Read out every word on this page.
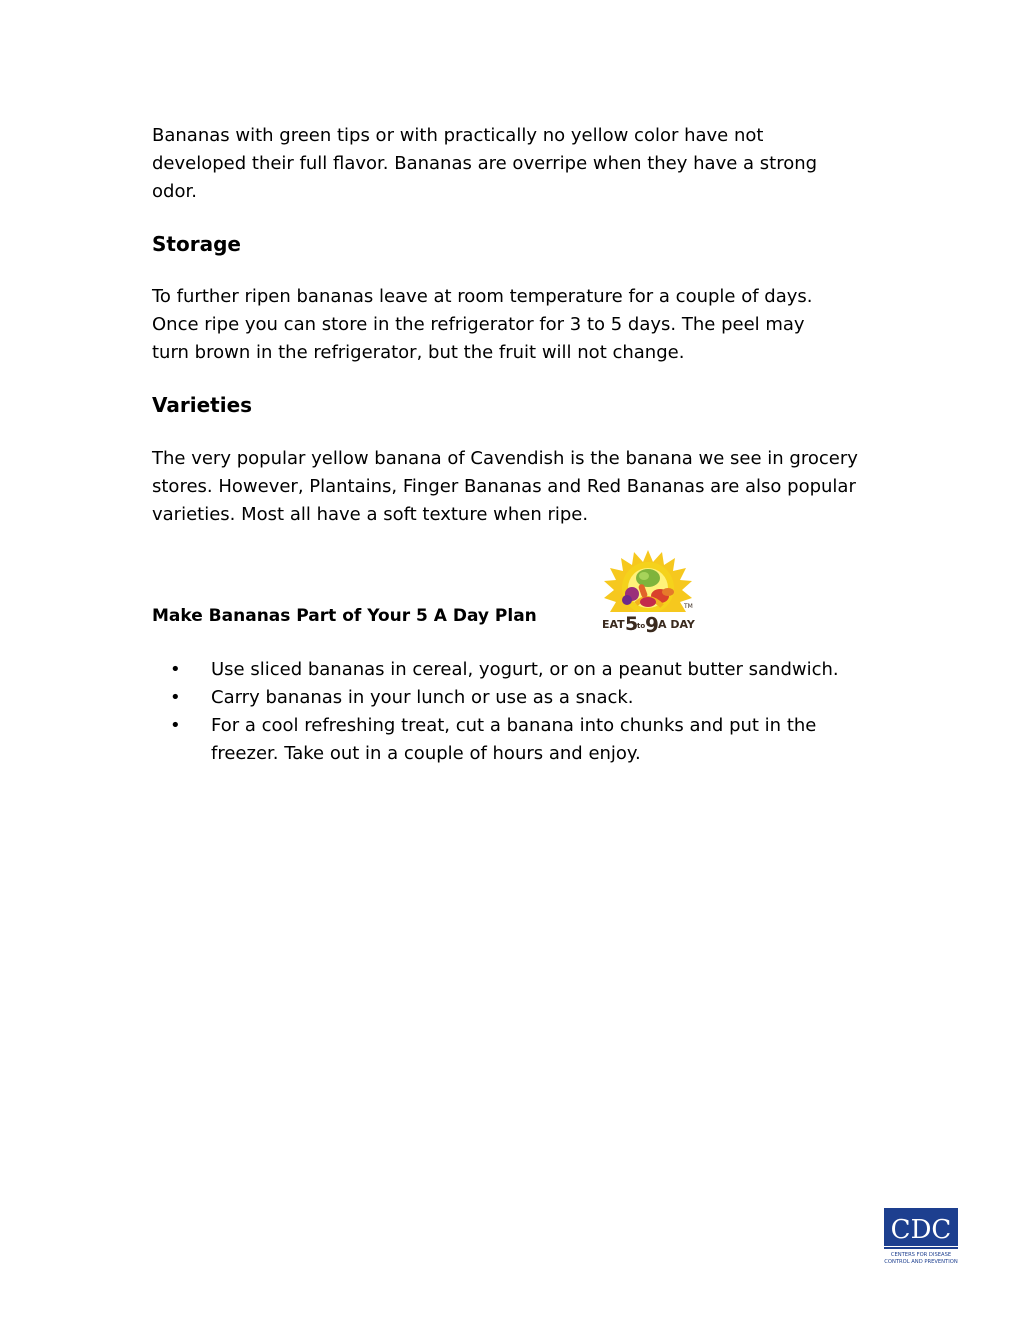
Bananas with green tips or with practically no yellow color have not
developed their full flavor. Bananas are overripe when they have a strong
odor.

Storage

To further ripen bananas leave at room temperature for a couple of days.
Once ripe you can store in the refrigerator for 3 to 5 days. The peel may
turn brown in the refrigerator, but the fruit will not change.

Varieties

The very popular yellow banana of Cavendish is the banana we see in grocery
stores. However, Plantains, Finger Bananas and Red Bananas are also popular
varieties. Most all have a soft texture when ripe.

Make Bananas Part of Your 5 A Day Plan	EAT 5
to 9 A DAY
TM
• Use sliced bananas in cereal, yogurt, or on a peanut butter sandwich.
• Carry bananas in your lunch or use as a snack.
• For a cool refreshing treat, cut a banana into chunks and put in the
freezer. Take out in a couple of hours and enjoy.
CDC
CENTERS FOR DISEASE
CONTROL AND PREVENTION
